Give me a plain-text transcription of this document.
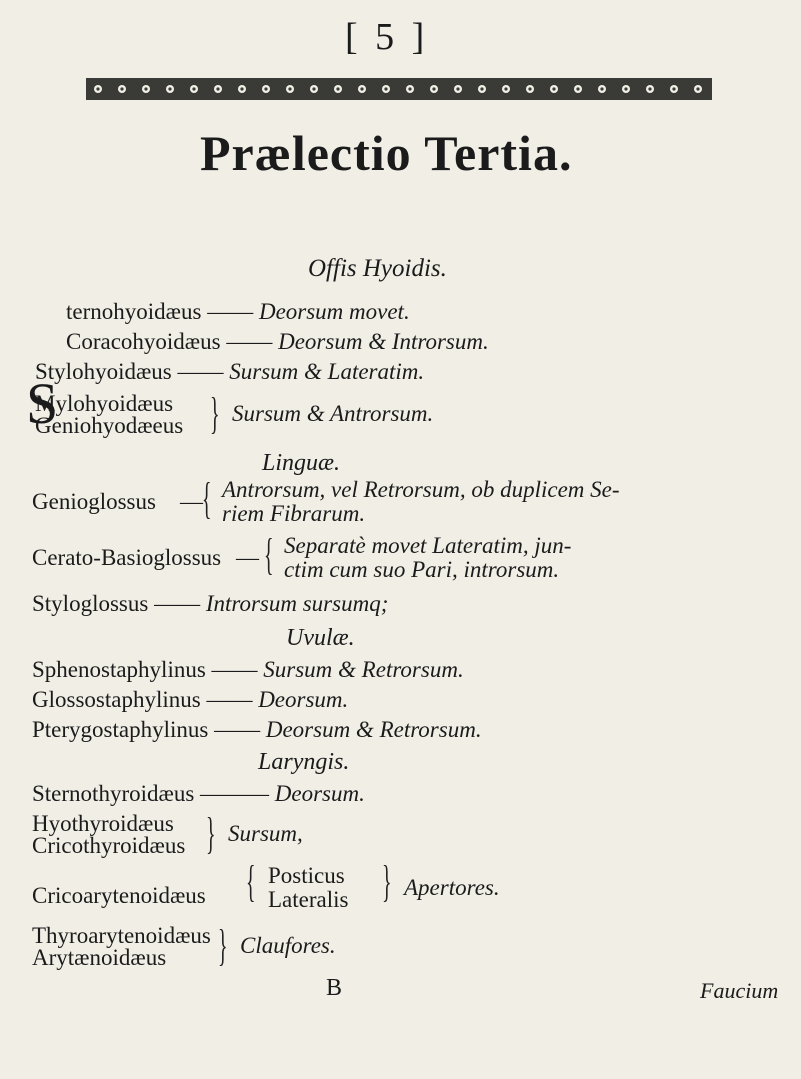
[ 5 ]
Prælectio Tertia.
Offis Hyoidis.
S
ternohyoidæus —— Deorsum movet.
Coracohyoidæus —— Deorsum & Introrsum.
Stylohyoidæus —— Sursum & Lateratim.
Mylohyoidæus
Geniohyodæeus } Sursum & Antrorsum.
Linguæ.
Genioglossus — { Antrorsum, vel Retrorsum, ob duplicem Se-
riem Fibrarum.
Cerato-Basioglossus — { Separatè movet Lateratim, jun-
ctim cum suo Pari, introrsum.
Styloglossus —— Introrsum sursumq;
Uvulæ.
Sphenostaphylinus —— Sursum & Retrorsum.
Glossostaphylinus —— Deorsum.
Pterygostaphylinus —— Deorsum & Retrorsum.
Laryngis.
Sternothyroidæus ——— Deorsum.
Hyothyroidæus
Cricothyroidæus } Sursum,
Cricoarytenoidæus { Posticus
Lateralis } Apertores.
Thyroarytenoidæus
Arytænoidæus } Claufores.
B	Faucium
